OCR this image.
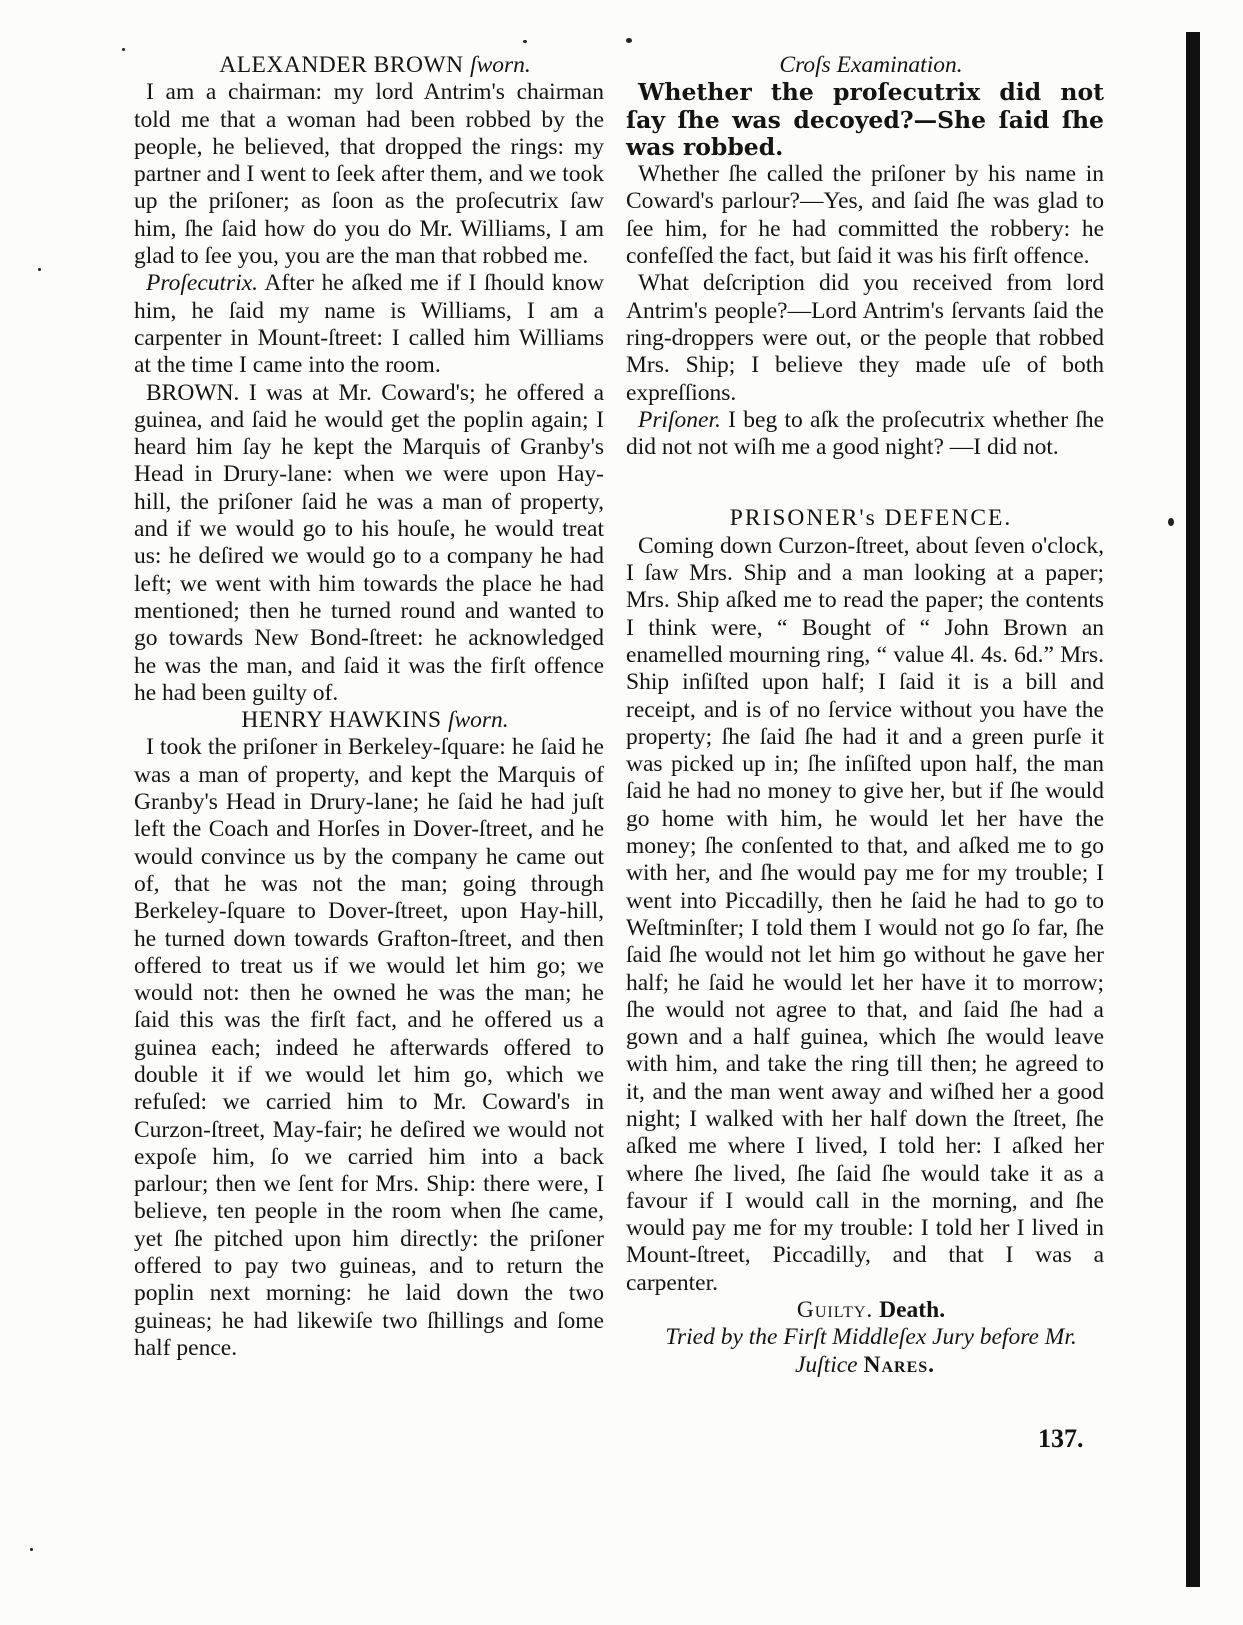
ALEXANDER BROWN ſworn.

I am a chairman: my lord Antrim's chairman told me that a woman had been robbed by the people, he believed, that dropped the rings: my partner and I went to ſeek after them, and we took up the priſoner; as ſoon as the proſecutrix ſaw him, ſhe ſaid how do you do Mr. Williams, I am glad to ſee you, you are the man that robbed me.

Proſecutrix. After he aſked me if I ſhould know him, he ſaid my name is Williams, I am a carpenter in Mount-ſtreet: I called him Williams at the time I came into the room.

BROWN. I was at Mr. Coward's; he offered a guinea, and ſaid he would get the poplin again; I heard him ſay he kept the Marquis of Granby's Head in Drury-lane: when we were upon Hay-hill, the priſoner ſaid he was a man of property, and if we would go to his houſe, he would treat us: he deſired we would go to a company he had left; we went with him towards the place he had mentioned; then he turned round and wanted to go towards New Bond-ſtreet: he acknowledged he was the man, and ſaid it was the firſt offence he had been guilty of.

HENRY HAWKINS ſworn.

I took the priſoner in Berkeley-ſquare: he ſaid he was a man of property, and kept the Marquis of Granby's Head in Drury-lane; he ſaid he had juſt left the Coach and Horſes in Dover-ſtreet, and he would convince us by the company he came out of, that he was not the man; going through Berkeley-ſquare to Dover-ſtreet, upon Hay-hill, he turned down towards Grafton-ſtreet, and then offered to treat us if we would let him go; we would not: then he owned he was the man; he ſaid this was the firſt fact, and he offered us a guinea each; indeed he afterwards offered to double it if we would let him go, which we refuſed: we carried him to Mr. Coward's in Curzon-ſtreet, May-fair; he deſired we would not expoſe him, ſo we carried him into a back parlour; then we ſent for Mrs. Ship: there were, I believe, ten people in the room when ſhe came, yet ſhe pitched upon him directly: the priſoner offered to pay two guineas, and to return the poplin next morning: he laid down the two guineas; he had likewiſe two ſhillings and ſome half pence.

Croſs Examination.

Whether the proſecutrix did not ſay ſhe was decoyed?—She ſaid ſhe was robbed.

Whether ſhe called the priſoner by his name in Coward's parlour?—Yes, and ſaid ſhe was glad to ſee him, for he had committed the robbery: he confeſſed the fact, but ſaid it was his firſt offence.

What deſcription did you received from lord Antrim's people?—Lord Antrim's ſervants ſaid the ring-droppers were out, or the people that robbed Mrs. Ship; I believe they made uſe of both expreſſions.

Priſoner. I beg to aſk the proſecutrix whether ſhe did not not wiſh me a good night? —I did not.

PRISONER's DEFENCE.

Coming down Curzon-ſtreet, about ſeven o'clock, I ſaw Mrs. Ship and a man looking at a paper; Mrs. Ship aſked me to read the paper; the contents I think were, “ Bought of “ John Brown an enamelled mourning ring, “ value 4l. 4s. 6d.” Mrs. Ship inſiſted upon half; I ſaid it is a bill and receipt, and is of no ſervice without you have the property; ſhe ſaid ſhe had it and a green purſe it was picked up in; ſhe inſiſted upon half, the man ſaid he had no money to give her, but if ſhe would go home with him, he would let her have the money; ſhe conſented to that, and aſked me to go with her, and ſhe would pay me for my trouble; I went into Piccadilly, then he ſaid he had to go to Weſtminſter; I told them I would not go ſo far, ſhe ſaid ſhe would not let him go without he gave her half; he ſaid he would let her have it to morrow; ſhe would not agree to that, and ſaid ſhe had a gown and a half guinea, which ſhe would leave with him, and take the ring till then; he agreed to it, and the man went away and wiſhed her a good night; I walked with her half down the ſtreet, ſhe aſked me where I lived, I told her: I aſked her where ſhe lived, ſhe ſaid ſhe would take it as a favour if I would call in the morning, and ſhe would pay me for my trouble: I told her I lived in Mount-ſtreet, Piccadilly, and that I was a carpenter.

Guilty. Death.

Tried by the Firſt Middleſex Jury before Mr. Juſtice Nares.

137.
